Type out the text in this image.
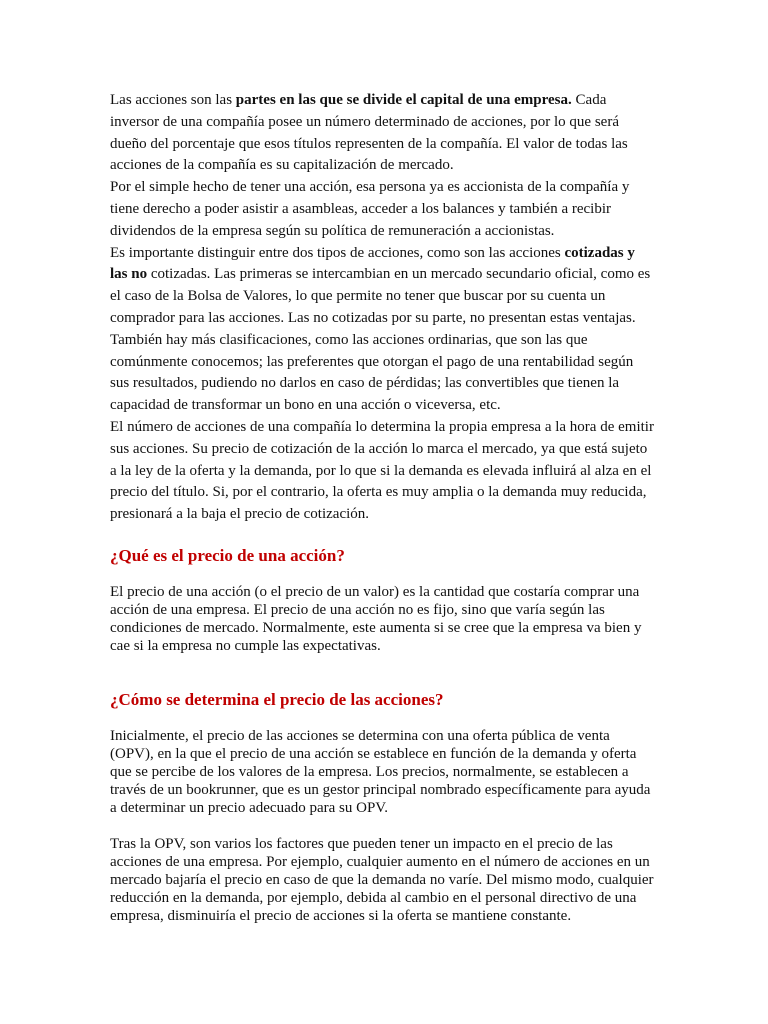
Las acciones son las partes en las que se divide el capital de una empresa. Cada inversor de una compañía posee un número determinado de acciones, por lo que será dueño del porcentaje que esos títulos representen de la compañía. El valor de todas las acciones de la compañía es su capitalización de mercado.

Por el simple hecho de tener una acción, esa persona ya es accionista de la compañía y tiene derecho a poder asistir a asambleas, acceder a los balances y también a recibir dividendos de la empresa según su política de remuneración a accionistas.

Es importante distinguir entre dos tipos de acciones, como son las acciones cotizadas y las no cotizadas. Las primeras se intercambian en un mercado secundario oficial, como es el caso de la Bolsa de Valores, lo que permite no tener que buscar por su cuenta un comprador para las acciones. Las no cotizadas por su parte, no presentan estas ventajas.

También hay más clasificaciones, como las acciones ordinarias, que son las que comúnmente conocemos; las preferentes que otorgan el pago de una rentabilidad según sus resultados, pudiendo no darlos en caso de pérdidas; las convertibles que tienen la capacidad de transformar un bono en una acción o viceversa, etc.

El número de acciones de una compañía lo determina la propia empresa a la hora de emitir sus acciones. Su precio de cotización de la acción lo marca el mercado, ya que está sujeto a la ley de la oferta y la demanda, por lo que si la demanda es elevada influirá al alza en el precio del título. Si, por el contrario, la oferta es muy amplia o la demanda muy reducida, presionará a la baja el precio de cotización.

¿Qué es el precio de una acción?

El precio de una acción (o el precio de un valor) es la cantidad que costaría comprar una acción de una empresa. El precio de una acción no es fijo, sino que varía según las condiciones de mercado. Normalmente, este aumenta si se cree que la empresa va bien y cae si la empresa no cumple las expectativas.

¿Cómo se determina el precio de las acciones?

Inicialmente, el precio de las acciones se determina con una oferta pública de venta (OPV), en la que el precio de una acción se establece en función de la demanda y oferta que se percibe de los valores de la empresa. Los precios, normalmente, se establecen a través de un bookrunner, que es un gestor principal nombrado específicamente para ayuda a determinar un precio adecuado para su OPV.

Tras la OPV, son varios los factores que pueden tener un impacto en el precio de las acciones de una empresa. Por ejemplo, cualquier aumento en el número de acciones en un mercado bajaría el precio en caso de que la demanda no varíe. Del mismo modo, cualquier reducción en la demanda, por ejemplo, debida al cambio en el personal directivo de una empresa, disminuiría el precio de acciones si la oferta se mantiene constante.
